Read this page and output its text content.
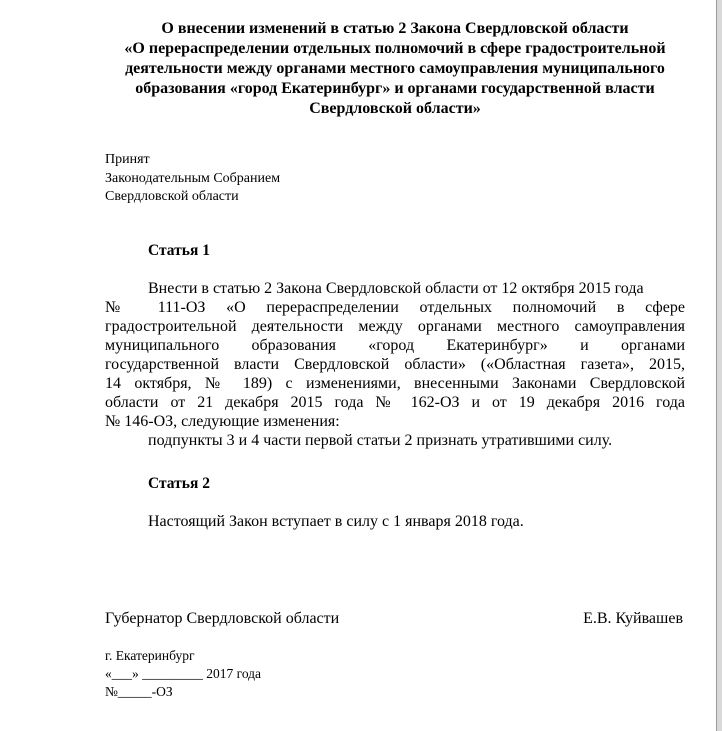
О внесении изменений в статью 2 Закона Свердловской области
«О перераспределении отдельных полномочий в сфере градостроительной
деятельности между органами местного самоуправления муниципального
образования «город Екатеринбург» и органами государственной власти
Свердловской области»
Принят
Законодательным Собранием
Свердловской области
Статья 1
Внести в статью 2 Закона Свердловской области от 12 октября 2015 года
№ 111-ОЗ «О перераспределении отдельных полномочий в сфере
градостроительной деятельности между органами местного самоуправления
муниципального образования «город Екатеринбург» и органами
государственной власти Свердловской области» («Областная газета», 2015,
14 октября, № 189) с изменениями, внесенными Законами Свердловской
области от 21 декабря 2015 года № 162-ОЗ и от 19 декабря 2016 года
№ 146-ОЗ, следующие изменения:
подпункты 3 и 4 части первой статьи 2 признать утратившими силу.
Статья 2
Настоящий Закон вступает в силу с 1 января 2018 года.
Губернатор Свердловской области	Е.В. Куйвашев
г. Екатеринбург
«___» _________ 2017 года
№_____-ОЗ
